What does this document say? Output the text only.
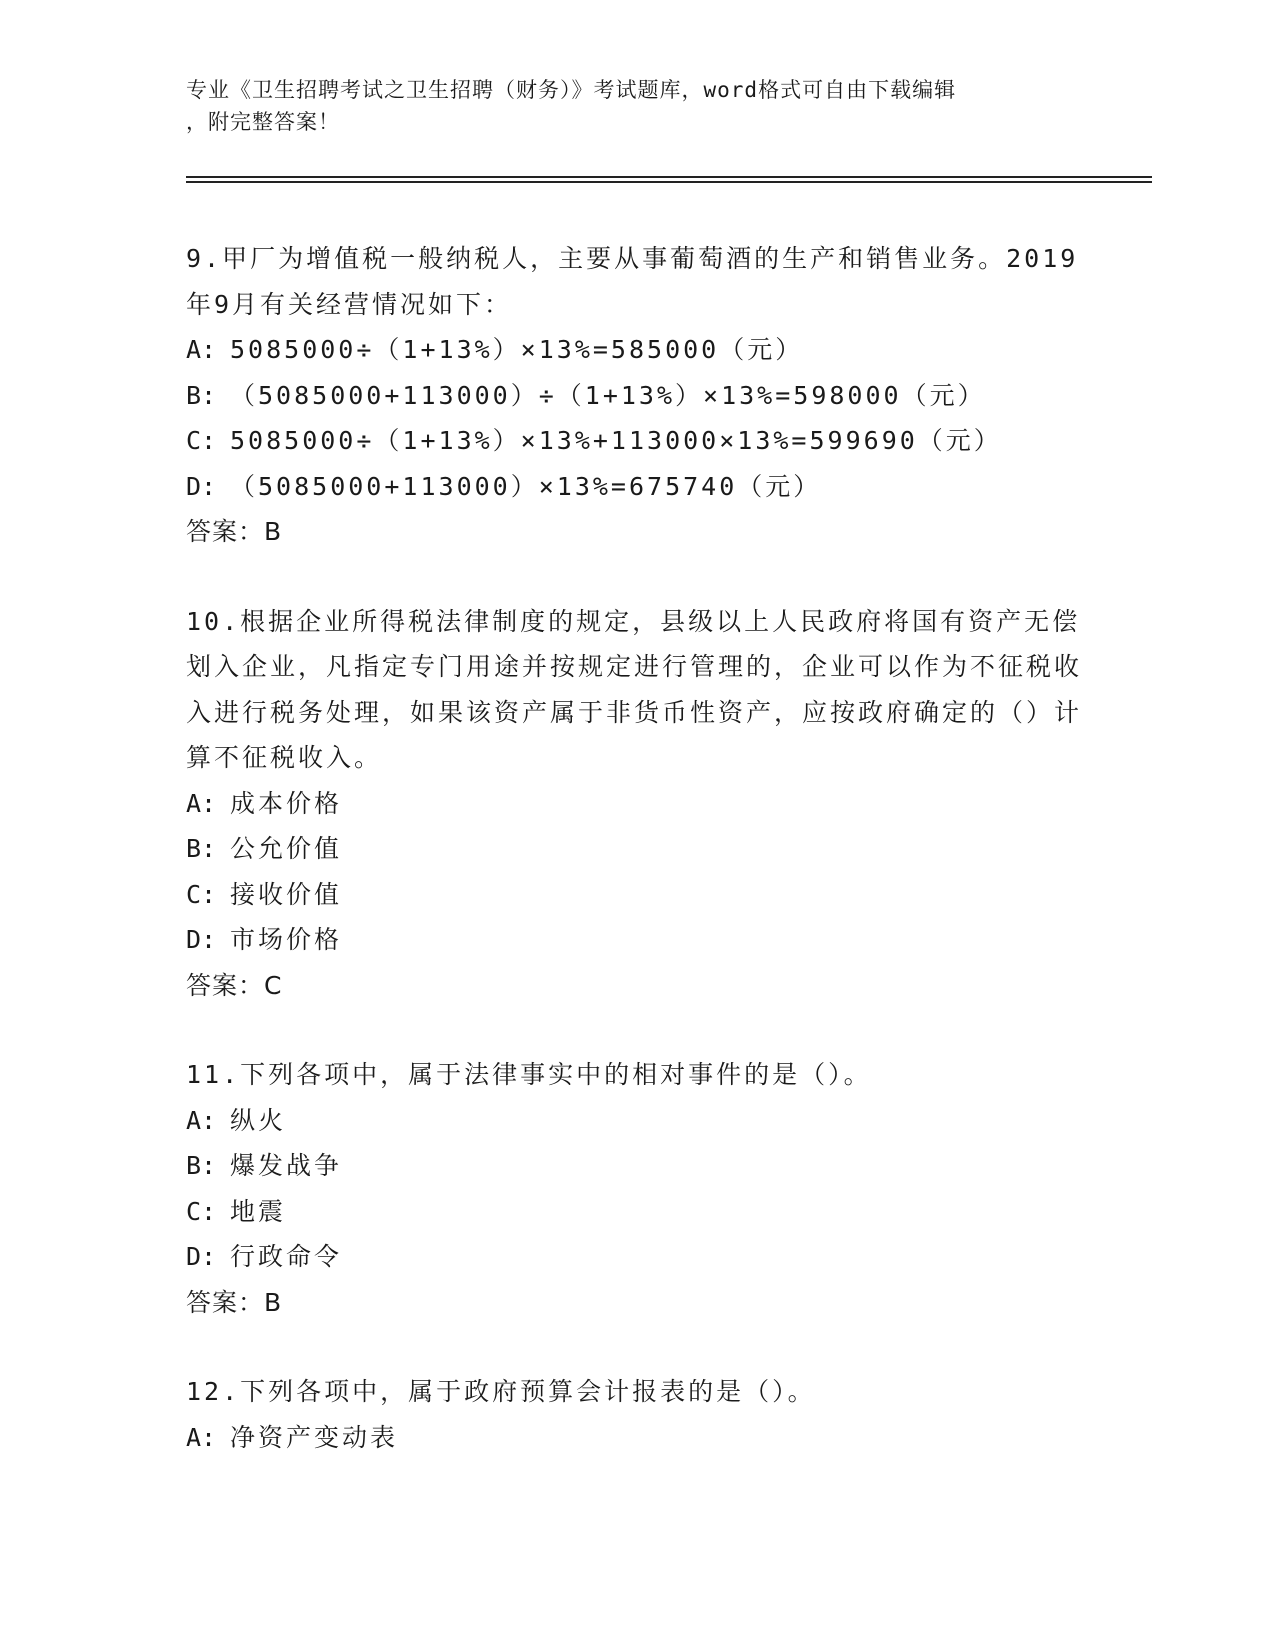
专业《卫生招聘考试之卫生招聘（财务）》考试题库，word格式可自由下载编辑
，附完整答案！
9.甲厂为增值税一般纳税人，主要从事葡萄酒的生产和销售业务。2019年9月有关经营情况如下：
A: 5085000÷（1+13%）×13%=585000（元）
B: （5085000+113000）÷（1+13%）×13%=598000（元）
C: 5085000÷（1+13%）×13%+113000×13%=599690（元）
D: （5085000+113000）×13%=675740（元）
答案：B
10.根据企业所得税法律制度的规定，县级以上人民政府将国有资产无偿划入企业，凡指定专门用途并按规定进行管理的，企业可以作为不征税收入进行税务处理，如果该资产属于非货币性资产，应按政府确定的（）计算不征税收入。
A: 成本价格
B: 公允价值
C: 接收价值
D: 市场价格
答案：C
11.下列各项中，属于法律事实中的相对事件的是（）。
A: 纵火
B: 爆发战争
C: 地震
D: 行政命令
答案：B
12.下列各项中，属于政府预算会计报表的是（）。
A: 净资产变动表
